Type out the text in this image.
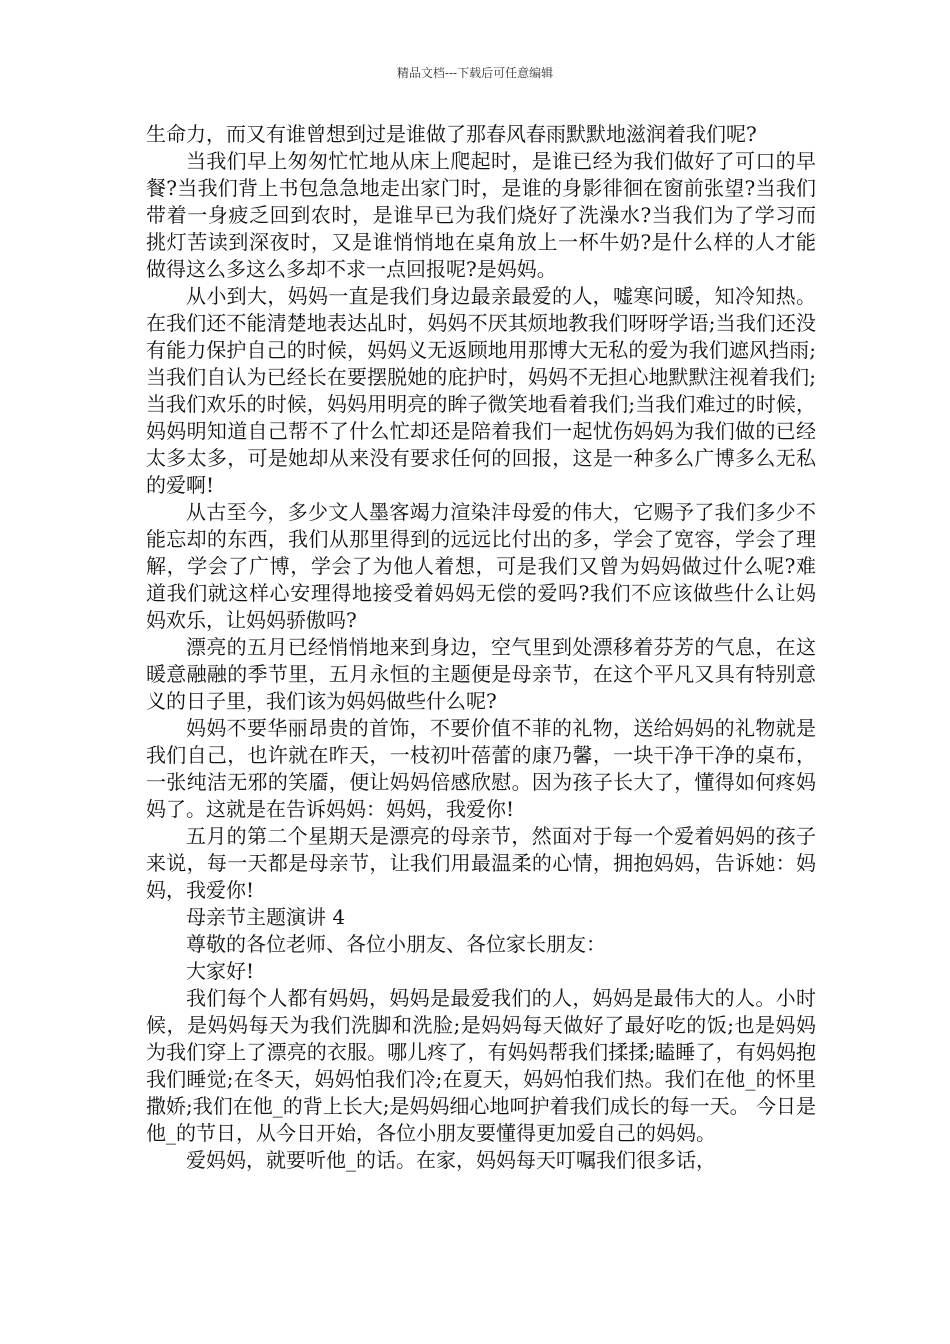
精品文档---下载后可任意编辑

生命力，而又有谁曾想到过是谁做了那春风春雨默默地滋润着我们呢?

当我们早上匆匆忙忙地从床上爬起时，是谁已经为我们做好了可口的早餐?当我们背上书包急急地走出家门时，是谁的身影徘徊在窗前张望?当我们带着一身疲乏回到农时，是谁早已为我们烧好了洗澡水?当我们为了学习而挑灯苦读到深夜时，又是谁悄悄地在桌角放上一杯牛奶?是什么样的人才能做得这么多这么多却不求一点回报呢?是妈妈。

从小到大，妈妈一直是我们身边最亲最爱的人，嘘寒问暖，知冷知热。在我们还不能清楚地表达乩时，妈妈不厌其烦地教我们呀呀学语;当我们还没有能力保护自己的时候，妈妈义无返顾地用那博大无私的爱为我们遮风挡雨;当我们自认为已经长在要摆脱她的庇护时，妈妈不无担心地默默注视着我们;当我们欢乐的时候，妈妈用明亮的眸子微笑地看着我们;当我们难过的时候，妈妈明知道自己帮不了什么忙却还是陪着我们一起忧伤妈妈为我们做的已经太多太多，可是她却从来没有要求任何的回报，这是一种多么广博多么无私的爱啊!

从古至今，多少文人墨客竭力渲染沣母爱的伟大，它赐予了我们多少不能忘却的东西，我们从那里得到的远远比付出的多，学会了宽容，学会了理解，学会了广博，学会了为他人着想，可是我们又曾为妈妈做过什么呢?难道我们就这样心安理得地接受着妈妈无偿的爱吗?我们不应该做些什么让妈妈欢乐，让妈妈骄傲吗?

漂亮的五月已经悄悄地来到身边，空气里到处漂移着芬芳的气息，在这暖意融融的季节里，五月永恒的主题便是母亲节，在这个平凡又具有特别意义的日子里，我们该为妈妈做些什么呢?

妈妈不要华丽昂贵的首饰，不要价值不菲的礼物，送给妈妈的礼物就是我们自己，也许就在昨天，一枝初叶蓓蕾的康乃馨，一块干净干净的桌布，一张纯洁无邪的笑靥，便让妈妈倍感欣慰。因为孩子长大了，懂得如何疼妈妈了。这就是在告诉妈妈：妈妈，我爱你!

五月的第二个星期天是漂亮的母亲节，然面对于每一个爱着妈妈的孩子来说，每一天都是母亲节，让我们用最温柔的心情，拥抱妈妈，告诉她：妈妈，我爱你!

母亲节主题演讲 4

尊敬的各位老师、各位小朋友、各位家长朋友：

大家好!

我们每个人都有妈妈，妈妈是最爱我们的人，妈妈是最伟大的人。小时候，是妈妈每天为我们洗脚和洗脸;是妈妈每天做好了最好吃的饭;也是妈妈为我们穿上了漂亮的衣服。哪儿疼了，有妈妈帮我们揉揉;瞌睡了，有妈妈抱我们睡觉;在冬天，妈妈怕我们冷;在夏天，妈妈怕我们热。我们在他_的怀里撒娇;我们在他_的背上长大;是妈妈细心地呵护着我们成长的每一天。 今日是他_的节日，从今日开始，各位小朋友要懂得更加爱自己的妈妈。

爱妈妈，就要听他_的话。在家，妈妈每天叮嘱我们很多话，
